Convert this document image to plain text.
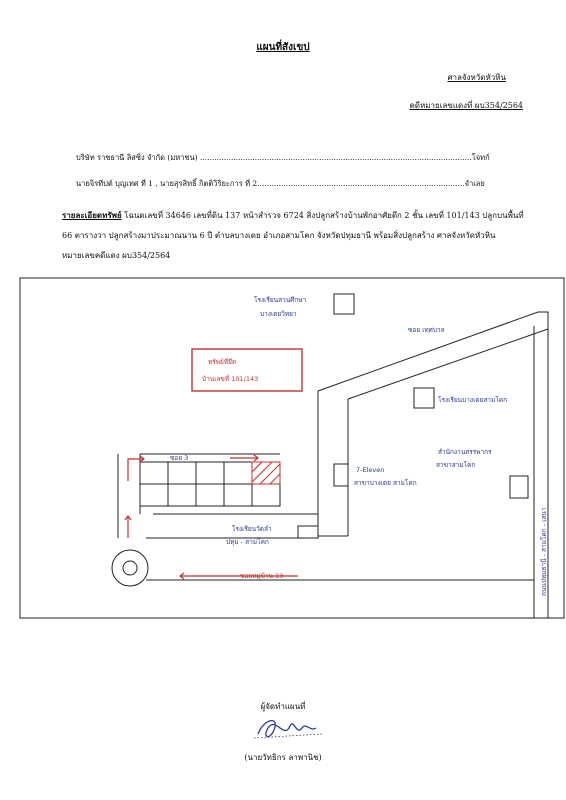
แผนที่สังเขป
ศาลจังหวัดหัวหิน
คดีหมายเลขแดงที่ ผบ354/2564
บริษัท ราชธานี ลิสซิ่ง จำกัด (มหาชน) ..................................................................................................................โจทก์
นายจิรทีปต์ บุญเทศ ที่ 1 , นายสุรสิทธิ์ กิตติวิริยะการ ที่ 2.......................................................................................จำเลย
รายละเอียดทรัพย์ โฉนดเลขที่ 34646 เลขที่ดิน 137 หน้าสำรวจ 6724 สิ่งปลูกสร้างบ้านพักอาศัยตึก 2 ชั้น เลขที่ 101/143 ปลูกบนพื้นที่ 66 ตารางวา ปลูกสร้างมาประมาณนาน 6 ปี ตำบลบางเดย อำเภอสามโคก จังหวัดปทุมธานี พร้อมสิ่งปลูกสร้าง ศาลจังหวัดหัวหิน หมายเลขคดีแดง ผบ354/2564
ทรัพย์ที่ยึด
บ้านเลขที่ 101/143
โรงเรียนสวนศึกษา
บางเตยวิทยา
ซอย เทศบาล
โรงเรียนบางเตยสามโคก
สำนักงานสรรพากร
สาขาสามโคก
7-Eleven
สาขาบางเตย สามโคก
ซอย 3
โรงเรียนวัดลำ
ปทุม - สามโคก
ซอยหมู่บ้าน 13	ถนนปทุมธานี - สามโคก - เสนา
ผู้จัดทำแผนที่
(นายวัทธิกร ลาพานิช)
